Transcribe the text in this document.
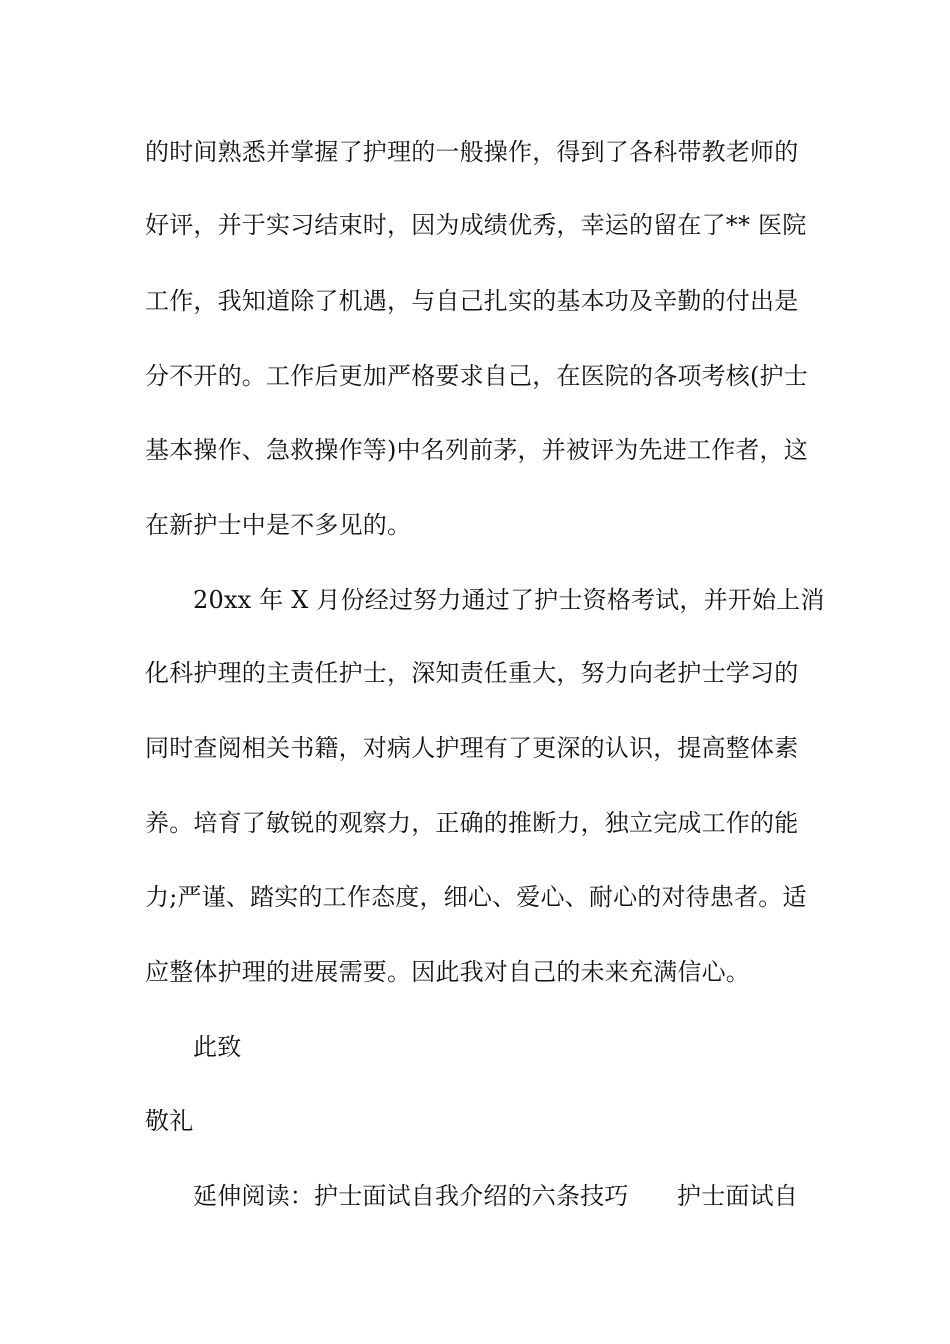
的时间熟悉并掌握了护理的一般操作，得到了各科带教老师的
好评，并于实习结束时，因为成绩优秀，幸运的留在了** 医院
工作，我知道除了机遇，与自己扎实的基本功及辛勤的付出是
分不开的。工作后更加严格要求自己，在医院的各项考核(护士
基本操作、急救操作等)中名列前茅，并被评为先进工作者，这
在新护士中是不多见的。
20xx 年 X 月份经过努力通过了护士资格考试，并开始上消
化科护理的主责任护士，深知责任重大，努力向老护士学习的
同时查阅相关书籍，对病人护理有了更深的认识，提高整体素
养。培育了敏锐的观察力，正确的推断力，独立完成工作的能
力;严谨、踏实的工作态度，细心、爱心、耐心的对待患者。适
应整体护理的进展需要。因此我对自己的未来充满信心。
此致
敬礼
延伸阅读：护士面试自我介绍的六条技巧　　护士面试自
